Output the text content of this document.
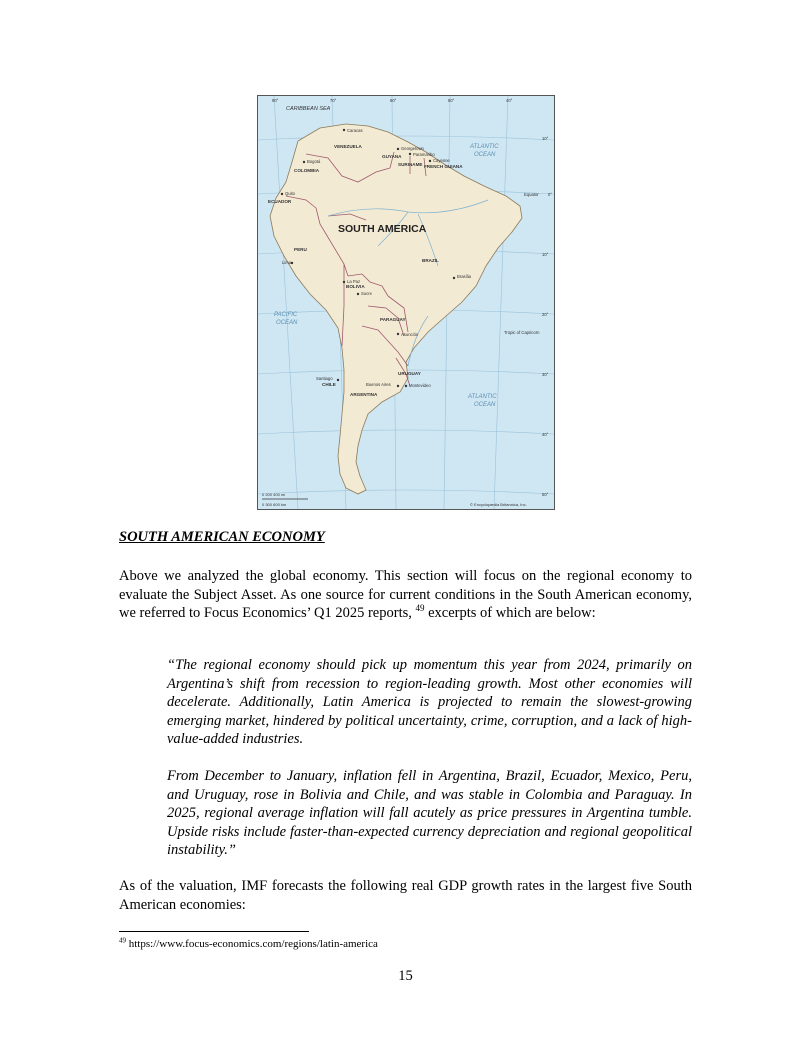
CARIBBEAN SEA
ATLANTIC OCEAN
PACIFIC OCEAN
ATLANTIC OCEAN
SOUTH AMERICA
VENEZUELA
GUYANA
SURINAME FRENCH GUIANA
COLOMBIA
ECUADOR
PERU
BRAZIL
BOLIVIA
PARAGUAY
CHILE
ARGENTINA
URUGUAY
Caracas
Georgetown
Paramaribo
Cayenne
Bogotá
Quito
Lima
La Paz
Sucre
Brasília
Asunción
Santiago
Buenos Aires	Montevideo
90°	70°	60°	50°	40°
10°
0°
Equator
10°
20°
Tropic of Capricorn
30°
40°
50°
0 200 400 mi
0 300 600 km	© Encyclopædia Britannica, Inc.
SOUTH AMERICAN ECONOMY
Above we analyzed the global economy. This section will focus on the regional economy to evaluate the Subject Asset. As one source for current conditions in the South American economy, we referred to Focus Economics’ Q1 2025 reports, $^{49}$ excerpts of which are below:
“The regional economy should pick up momentum this year from 2024, primarily on Argentina’s shift from recession to region-leading growth. Most other economies will decelerate. Additionally, Latin America is projected to remain the slowest-growing emerging market, hindered by political uncertainty, crime, corruption, and a lack of high-value-added industries.
From December to January, inflation fell in Argentina, Brazil, Ecuador, Mexico, Peru, and Uruguay, rose in Bolivia and Chile, and was stable in Colombia and Paraguay. In 2025, regional average inflation will fall acutely as price pressures in Argentina tumble. Upside risks include faster-than-expected currency depreciation and regional geopolitical instability.”
As of the valuation, IMF forecasts the following real GDP growth rates in the largest five South American economies:
$^{49}$ https://www.focus-economics.com/regions/latin-america
15
